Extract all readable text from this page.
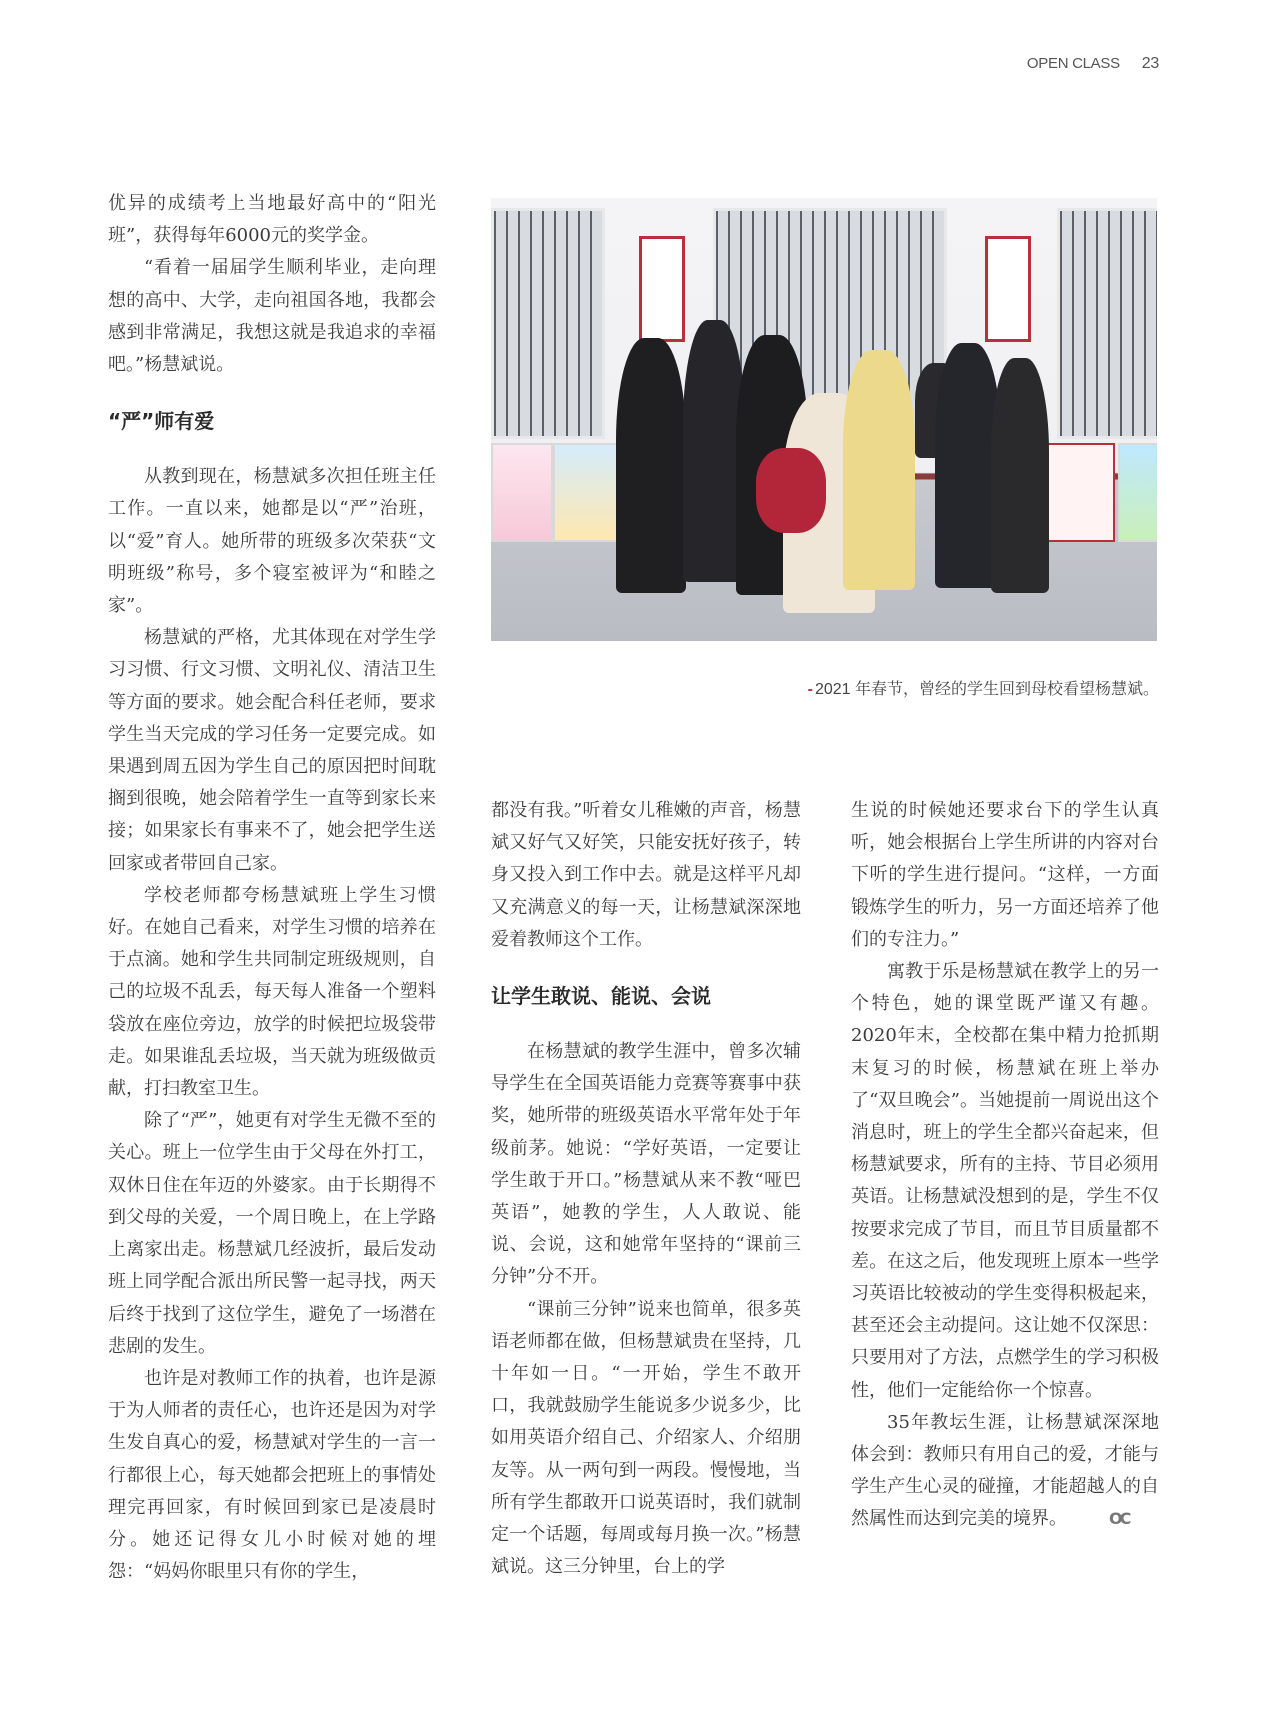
OPEN CLASS 23

优异的成绩考上当地最好高中的“阳光班”，获得每年6000元的奖学金。

“看着一届届学生顺利毕业，走向理想的高中、大学，走向祖国各地，我都会感到非常满足，我想这就是我追求的幸福吧。”杨慧斌说。

“严”师有爱

从教到现在，杨慧斌多次担任班主任工作。一直以来，她都是以“严”治班，以“爱”育人。她所带的班级多次荣获“文明班级”称号，多个寝室被评为“和睦之家”。

杨慧斌的严格，尤其体现在对学生学习习惯、行文习惯、文明礼仪、清洁卫生等方面的要求。她会配合科任老师，要求学生当天完成的学习任务一定要完成。如果遇到周五因为学生自己的原因把时间耽搁到很晚，她会陪着学生一直等到家长来接；如果家长有事来不了，她会把学生送回家或者带回自己家。

学校老师都夸杨慧斌班上学生习惯好。在她自己看来，对学生习惯的培养在于点滴。她和学生共同制定班级规则，自己的垃圾不乱丢，每天每人准备一个塑料袋放在座位旁边，放学的时候把垃圾袋带走。如果谁乱丢垃圾，当天就为班级做贡献，打扫教室卫生。

除了“严”，她更有对学生无微不至的关心。班上一位学生由于父母在外打工，双休日住在年迈的外婆家。由于长期得不到父母的关爱，一个周日晚上，在上学路上离家出走。杨慧斌几经波折，最后发动班上同学配合派出所民警一起寻找，两天后终于找到了这位学生，避免了一场潜在悲剧的发生。

也许是对教师工作的执着，也许是源于为人师者的责任心，也许还是因为对学生发自真心的爱，杨慧斌对学生的一言一行都很上心，每天她都会把班上的事情处理完再回家，有时候回到家已是凌晨时分。她还记得女儿小时候对她的埋怨：“妈妈你眼里只有你的学生，

- 2021 年春节，曾经的学生回到母校看望杨慧斌。

都没有我。”听着女儿稚嫩的声音，杨慧斌又好气又好笑，只能安抚好孩子，转身又投入到工作中去。就是这样平凡却又充满意义的每一天，让杨慧斌深深地爱着教师这个工作。

让学生敢说、能说、会说

在杨慧斌的教学生涯中，曾多次辅导学生在全国英语能力竞赛等赛事中获奖，她所带的班级英语水平常年处于年级前茅。她说：“学好英语，一定要让学生敢于开口。”杨慧斌从来不教“哑巴英语”，她教的学生，人人敢说、能说、会说，这和她常年坚持的“课前三分钟”分不开。

“课前三分钟”说来也简单，很多英语老师都在做，但杨慧斌贵在坚持，几十年如一日。“一开始，学生不敢开口，我就鼓励学生能说多少说多少，比如用英语介绍自己、介绍家人、介绍朋友等。从一两句到一两段。慢慢地，当所有学生都敢开口说英语时，我们就制定一个话题，每周或每月换一次。”杨慧斌说。这三分钟里，台上的学

生说的时候她还要求台下的学生认真听，她会根据台上学生所讲的内容对台下听的学生进行提问。“这样，一方面锻炼学生的听力，另一方面还培养了他们的专注力。”

寓教于乐是杨慧斌在教学上的另一个特色，她的课堂既严谨又有趣。2020年末，全校都在集中精力抢抓期末复习的时候，杨慧斌在班上举办了“双旦晚会”。当她提前一周说出这个消息时，班上的学生全都兴奋起来，但杨慧斌要求，所有的主持、节目必须用英语。让杨慧斌没想到的是，学生不仅按要求完成了节目，而且节目质量都不差。在这之后，他发现班上原本一些学习英语比较被动的学生变得积极起来，甚至还会主动提问。这让她不仅深思：只要用对了方法，点燃学生的学习积极性，他们一定能给你一个惊喜。

35年教坛生涯，让杨慧斌深深地体会到：教师只有用自己的爱，才能与学生产生心灵的碰撞，才能超越人的自然属性而达到完美的境界。	OC
